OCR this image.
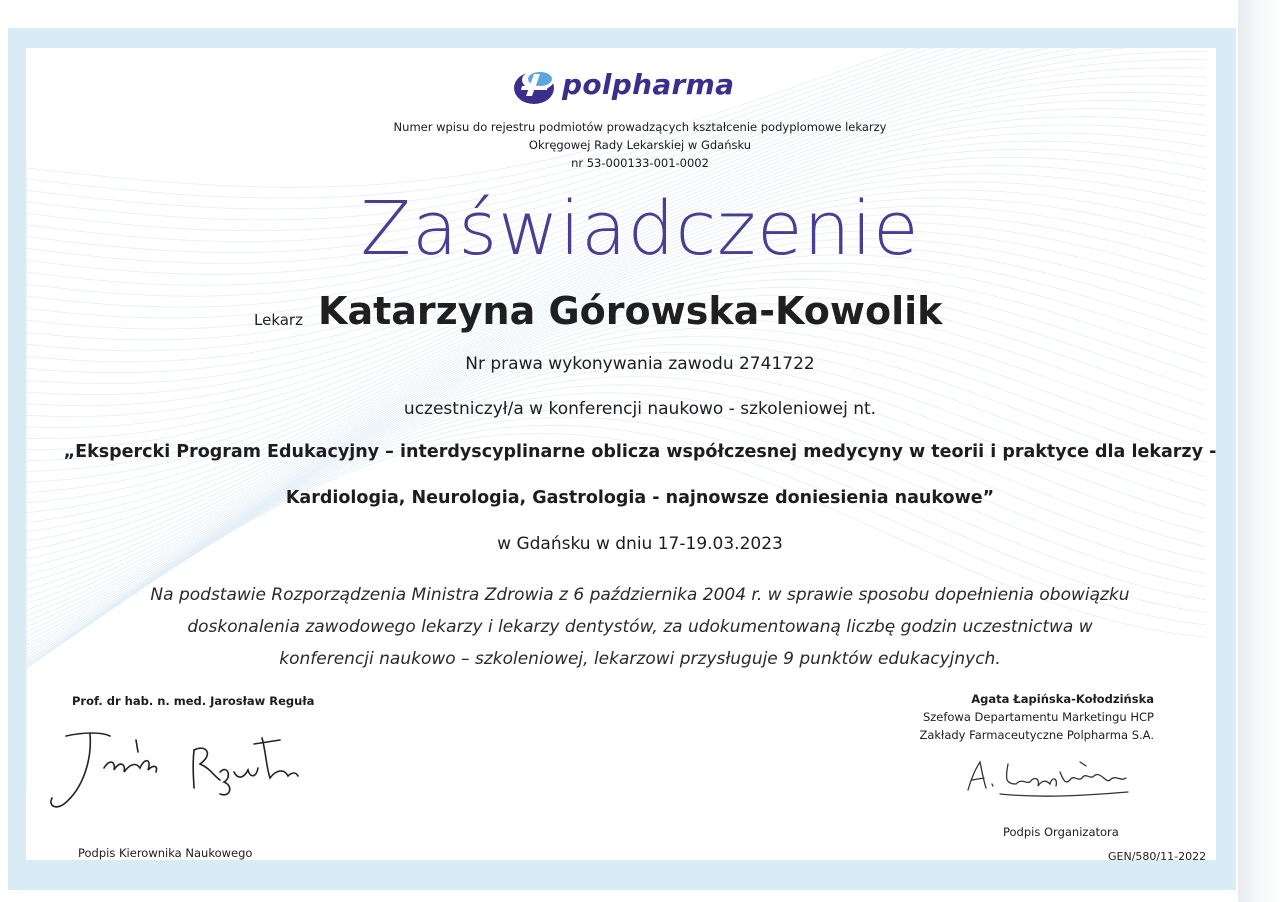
polpharma
Numer wpisu do rejestru podmiotów prowadzących kształcenie podyplomowe lekarzy
Okręgowej Rady Lekarskiej w Gdańsku
nr 53-000133-001-0002
Zaświadczenie
Lekarz Katarzyna Górowska-Kowolik
Nr prawa wykonywania zawodu 2741722
uczestniczył/a w konferencji naukowo - szkoleniowej nt.
„Ekspercki Program Edukacyjny – interdyscyplinarne oblicza współczesnej medycyny w teorii i praktyce dla lekarzy -
Kardiologia, Neurologia, Gastrologia - najnowsze doniesienia naukowe”
w Gdańsku w dniu 17-19.03.2023
Na podstawie Rozporządzenia Ministra Zdrowia z 6 października 2004 r. w sprawie sposobu dopełnienia obowiązku
doskonalenia zawodowego lekarzy i lekarzy dentystów, za udokumentowaną liczbę godzin uczestnictwa w
konferencji naukowo – szkoleniowej, lekarzowi przysługuje 9 punktów edukacyjnych.
Prof. dr hab. n. med. Jarosław Reguła
Podpis Kierownika Naukowego
Agata Łapińska-Kołodzińska
Szefowa Departamentu Marketingu HCP
Zakłady Farmaceutyczne Polpharma S.A.
Podpis Organizatora
GEN/580/11-2022
